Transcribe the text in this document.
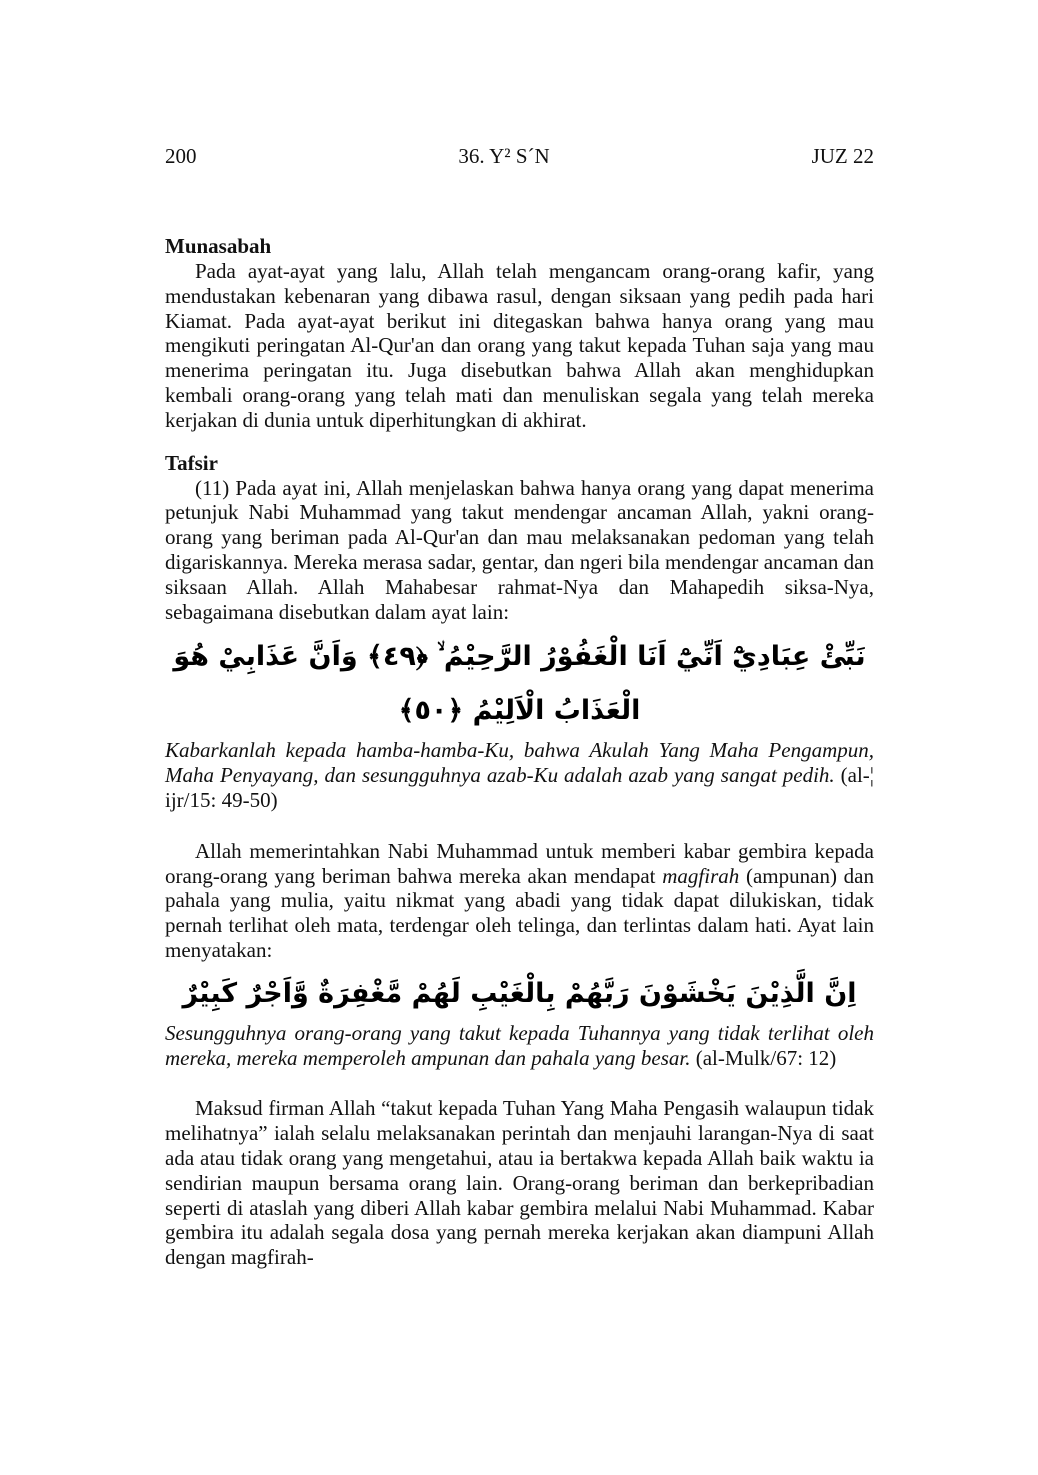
200	36. Y² S´N	JUZ 22
Munasabah
Pada ayat-ayat yang lalu, Allah telah mengancam orang-orang kafir, yang mendustakan kebenaran yang dibawa rasul, dengan siksaan yang pedih pada hari Kiamat. Pada ayat-ayat berikut ini ditegaskan bahwa hanya orang yang mau mengikuti peringatan Al-Qur'an dan orang yang takut kepada Tuhan saja yang mau menerima peringatan itu. Juga disebutkan bahwa Allah akan menghidupkan kembali orang-orang yang telah mati dan menuliskan segala yang telah mereka kerjakan di dunia untuk diperhitungkan di akhirat.
Tafsir
(11) Pada ayat ini, Allah menjelaskan bahwa hanya orang yang dapat menerima petunjuk Nabi Muhammad yang takut mendengar ancaman Allah, yakni orang-orang yang beriman pada Al-Qur'an dan mau melaksanakan pedoman yang telah digariskannya. Mereka merasa sadar, gentar, dan ngeri bila mendengar ancaman dan siksaan Allah. Allah Mahabesar rahmat-Nya dan Mahapedih siksa-Nya, sebagaimana disebutkan dalam ayat lain:
نَبِّئْ عِبَادِيْٓ اَنِّيْٓ اَنَا الْغَفُوْرُ الرَّحِيْمُ ۙ ﴿٤٩﴾ وَاَنَّ عَذَابِيْ هُوَ الْعَذَابُ الْاَلِيْمُ ﴿٥٠﴾
Kabarkanlah kepada hamba-hamba-Ku, bahwa Akulah Yang Maha Pengampun, Maha Penyayang, dan sesungguhnya azab-Ku adalah azab yang sangat pedih. (al-¦ ijr/15: 49-50)
Allah memerintahkan Nabi Muhammad untuk memberi kabar gembira kepada orang-orang yang beriman bahwa mereka akan mendapat magfirah (ampunan) dan pahala yang mulia, yaitu nikmat yang abadi yang tidak dapat dilukiskan, tidak pernah terlihat oleh mata, terdengar oleh telinga, dan terlintas dalam hati. Ayat lain menyatakan:
اِنَّ الَّذِيْنَ يَخْشَوْنَ رَبَّهُمْ بِالْغَيْبِ لَهُمْ مَّغْفِرَةٌ وَّاَجْرٌ كَبِيْرٌ
Sesungguhnya orang-orang yang takut kepada Tuhannya yang tidak terlihat oleh mereka, mereka memperoleh ampunan dan pahala yang besar. (al-Mulk/67: 12)
Maksud firman Allah “takut kepada Tuhan Yang Maha Pengasih walaupun tidak melihatnya” ialah selalu melaksanakan perintah dan menjauhi larangan-Nya di saat ada atau tidak orang yang mengetahui, atau ia bertakwa kepada Allah baik waktu ia sendirian maupun bersama orang lain. Orang-orang beriman dan berkepribadian seperti di ataslah yang diberi Allah kabar gembira melalui Nabi Muhammad. Kabar gembira itu adalah segala dosa yang pernah mereka kerjakan akan diampuni Allah dengan magfirah-
